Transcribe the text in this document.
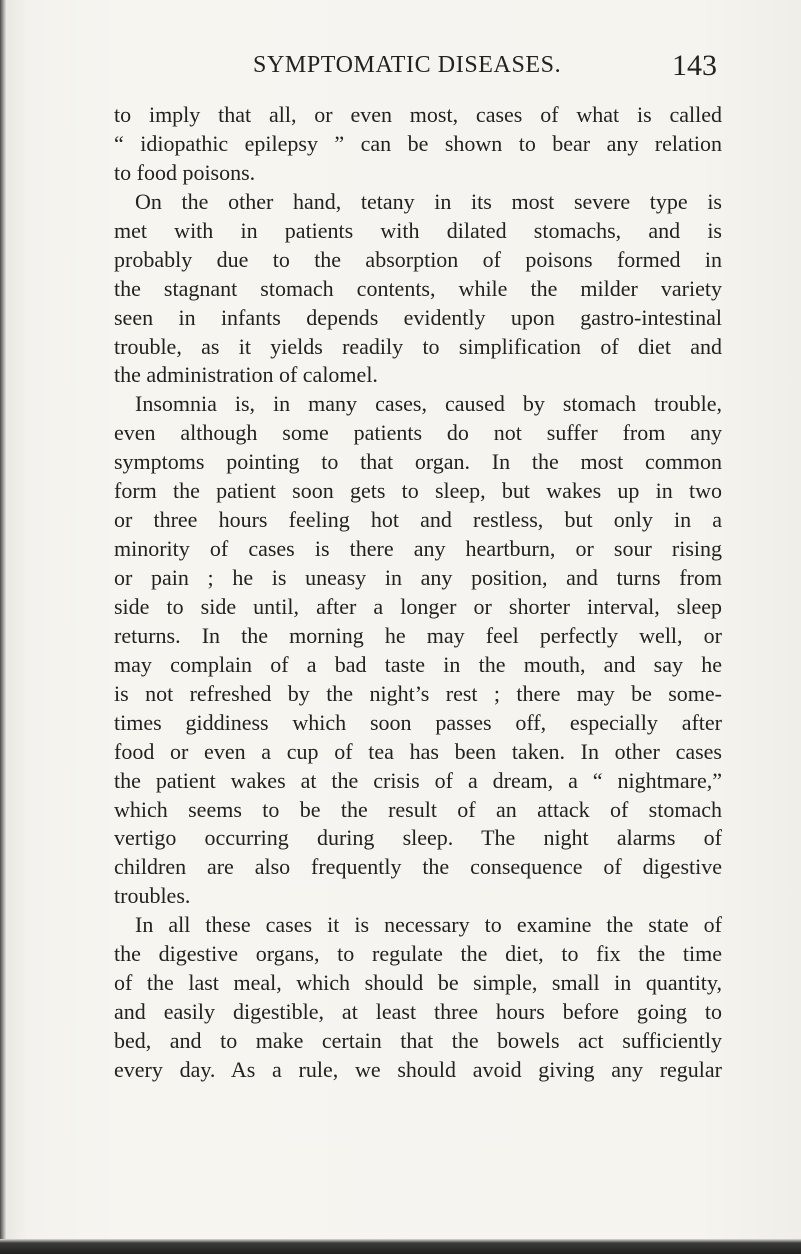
SYMPTOMATIC DISEASES.	143
to imply that all, or even most, cases of what is called
“ idiopathic epilepsy ” can be shown to bear any relation
to food poisons.
On the other hand, tetany in its most severe type is
met with in patients with dilated stomachs, and is
probably due to the absorption of poisons formed in
the stagnant stomach contents, while the milder variety
seen in infants depends evidently upon gastro-intestinal
trouble, as it yields readily to simplification of diet and
the administration of calomel.
Insomnia is, in many cases, caused by stomach trouble,
even although some patients do not suffer from any
symptoms pointing to that organ. In the most common
form the patient soon gets to sleep, but wakes up in two
or three hours feeling hot and restless, but only in a
minority of cases is there any heartburn, or sour rising
or pain ; he is uneasy in any position, and turns from
side to side until, after a longer or shorter interval, sleep
returns. In the morning he may feel perfectly well, or
may complain of a bad taste in the mouth, and say he
is not refreshed by the night’s rest ; there may be some-
times giddiness which soon passes off, especially after
food or even a cup of tea has been taken. In other cases
the patient wakes at the crisis of a dream, a “ nightmare,”
which seems to be the result of an attack of stomach
vertigo occurring during sleep. The night alarms of
children are also frequently the consequence of digestive
troubles.
In all these cases it is necessary to examine the state of
the digestive organs, to regulate the diet, to fix the time
of the last meal, which should be simple, small in quantity,
and easily digestible, at least three hours before going to
bed, and to make certain that the bowels act sufficiently
every day. As a rule, we should avoid giving any regular
